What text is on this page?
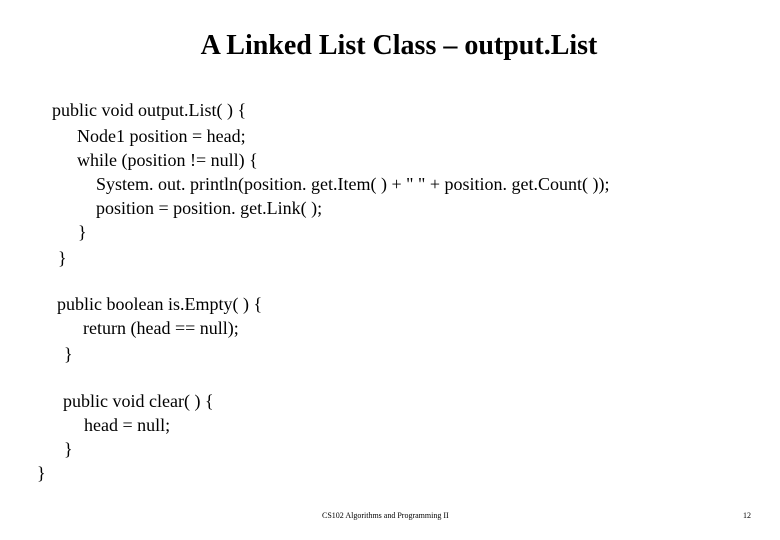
A Linked List Class – output.List
public void output.List( ) {
Node1 position = head;
while (position != null) {
System. out. println(position. get.Item( ) + " " + position. get.Count( ));
position = position. get.Link( );
}
}
public boolean is.Empty( ) {
return (head == null);
}
public void clear( ) {
head = null;
}
}
CS102 Algorithms and Programming II	12
